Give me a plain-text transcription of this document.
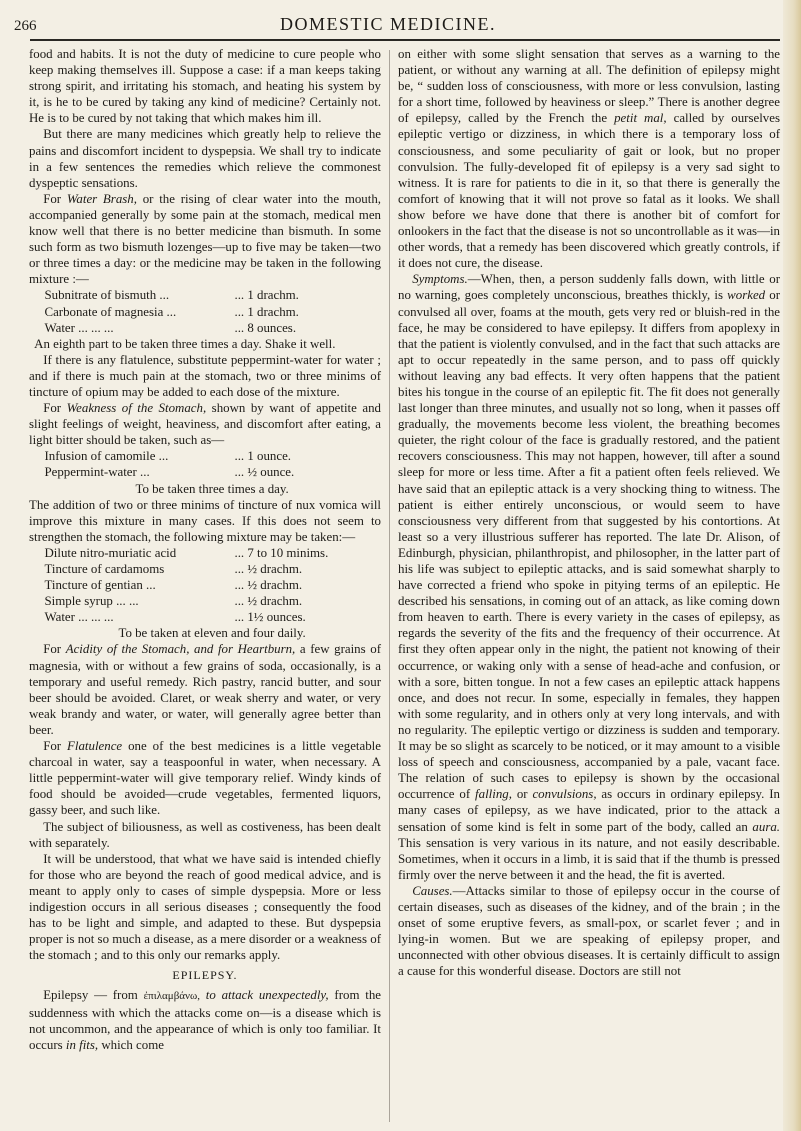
266	DOMESTIC MEDICINE.

food and habits. It is not the duty of medicine to cure people who keep making themselves ill. Suppose a case: if a man keeps taking strong spirit, and irritating his stomach, and heating his system by it, is he to be cured by taking any kind of medicine? Certainly not. He is to be cured by not taking that which makes him ill.

But there are many medicines which greatly help to relieve the pains and discomfort incident to dyspepsia. We shall try to indicate in a few sentences the remedies which relieve the commonest dyspeptic sensations.

For Water Brash, or the rising of clear water into the mouth, accompanied generally by some pain at the stomach, medical men know well that there is no better medicine than bismuth. In some such form as two bismuth lozenges—up to five may be taken—two or three times a day: or the medicine may be taken in the following mixture :—

Subnitrate of bismuth ...	... 1 drachm.
Carbonate of magnesia ...	... 1 drachm.
Water ... ... ...	... 8 ounces.

An eighth part to be taken three times a day. Shake it well.

If there is any flatulence, substitute peppermint-water for water ; and if there is much pain at the stomach, two or three minims of tincture of opium may be added to each dose of the mixture.

For Weakness of the Stomach, shown by want of appetite and slight feelings of weight, heaviness, and discomfort after eating, a light bitter should be taken, such as—

Infusion of camomile ...	... 1 ounce.
Peppermint-water ...	... ½ ounce.

To be taken three times a day.

The addition of two or three minims of tincture of nux vomica will improve this mixture in many cases. If this does not seem to strengthen the stomach, the following mixture may be taken:—

Dilute nitro-muriatic acid	... 7 to 10 minims.
Tincture of cardamoms	... ½ drachm.
Tincture of gentian ...	... ½ drachm.
Simple syrup ... ...	... ½ drachm.
Water ... ... ...	... 1½ ounces.

To be taken at eleven and four daily.

For Acidity of the Stomach, and for Heartburn, a few grains of magnesia, with or without a few grains of soda, occasionally, is a temporary and useful remedy. Rich pastry, rancid butter, and sour beer should be avoided. Claret, or weak sherry and water, or very weak brandy and water, or water, will generally agree better than beer.

For Flatulence one of the best medicines is a little vegetable charcoal in water, say a teaspoonful in water, when necessary. A little peppermint-water will give temporary relief. Windy kinds of food should be avoided—crude vegetables, fermented liquors, gassy beer, and such like.

The subject of biliousness, as well as costiveness, has been dealt with separately.

It will be understood, that what we have said is intended chiefly for those who are beyond the reach of good medical advice, and is meant to apply only to cases of simple dyspepsia. More or less indigestion occurs in all serious diseases ; consequently the food has to be light and simple, and adapted to these. But dyspepsia proper is not so much a disease, as a mere disorder or a weakness of the stomach ; and to this only our remarks apply.

EPILEPSY.

Epilepsy — from ἐπιλαμβάνω, to attack unexpectedly, from the suddenness with which the attacks come on—is a disease which is not uncommon, and the appearance of which is only too familiar. It occurs in fits, which come

on either with some slight sensation that serves as a warning to the patient, or without any warning at all. The definition of epilepsy might be, “ sudden loss of consciousness, with more or less convulsion, lasting for a short time, followed by heaviness or sleep.” There is another degree of epilepsy, called by the French the petit mal, called by ourselves epileptic vertigo or dizziness, in which there is a temporary loss of consciousness, and some peculiarity of gait or look, but no proper convulsion. The fully-developed fit of epilepsy is a very sad sight to witness. It is rare for patients to die in it, so that there is generally the comfort of knowing that it will not prove so fatal as it looks. We shall show before we have done that there is another bit of comfort for onlookers in the fact that the disease is not so uncontrollable as it was—in other words, that a remedy has been discovered which greatly controls, if it does not cure, the disease.

Symptoms.—When, then, a person suddenly falls down, with little or no warning, goes completely unconscious, breathes thickly, is worked or convulsed all over, foams at the mouth, gets very red or bluish-red in the face, he may be considered to have epilepsy. It differs from apoplexy in that the patient is violently convulsed, and in the fact that such attacks are apt to occur repeatedly in the same person, and to pass off quickly without leaving any bad effects. It very often happens that the patient bites his tongue in the course of an epileptic fit. The fit does not generally last longer than three minutes, and usually not so long, when it passes off gradually, the movements become less violent, the breathing becomes quieter, the right colour of the face is gradually restored, and the patient recovers consciousness. This may not happen, however, till after a sound sleep for more or less time. After a fit a patient often feels relieved. We have said that an epileptic attack is a very shocking thing to witness. The patient is either entirely unconscious, or would seem to have consciousness very different from that suggested by his contortions. At least so a very illustrious sufferer has reported. The late Dr. Alison, of Edinburgh, physician, philanthropist, and philosopher, in the latter part of his life was subject to epileptic attacks, and is said somewhat sharply to have corrected a friend who spoke in pitying terms of an epileptic. He described his sensations, in coming out of an attack, as like coming down from heaven to earth. There is every variety in the cases of epilepsy, as regards the severity of the fits and the frequency of their occurrence. At first they often appear only in the night, the patient not knowing of their occurrence, or waking only with a sense of head-ache and confusion, or with a sore, bitten tongue. In not a few cases an epileptic attack happens once, and does not recur. In some, especially in females, they happen with some regularity, and in others only at very long intervals, and with no regularity. The epileptic vertigo or dizziness is sudden and temporary. It may be so slight as scarcely to be noticed, or it may amount to a visible loss of speech and consciousness, accompanied by a pale, vacant face. The relation of such cases to epilepsy is shown by the occasional occurrence of falling, or convulsions, as occurs in ordinary epilepsy. In many cases of epilepsy, as we have indicated, prior to the attack a sensation of some kind is felt in some part of the body, called an aura. This sensation is very various in its nature, and not easily describable. Sometimes, when it occurs in a limb, it is said that if the thumb is pressed firmly over the nerve between it and the head, the fit is averted.

Causes.—Attacks similar to those of epilepsy occur in the course of certain diseases, such as diseases of the kidney, and of the brain ; in the onset of some eruptive fevers, as small-pox, or scarlet fever ; and in lying-in women. But we are speaking of epilepsy proper, and unconnected with other obvious diseases. It is certainly difficult to assign a cause for this wonderful disease. Doctors are still not
